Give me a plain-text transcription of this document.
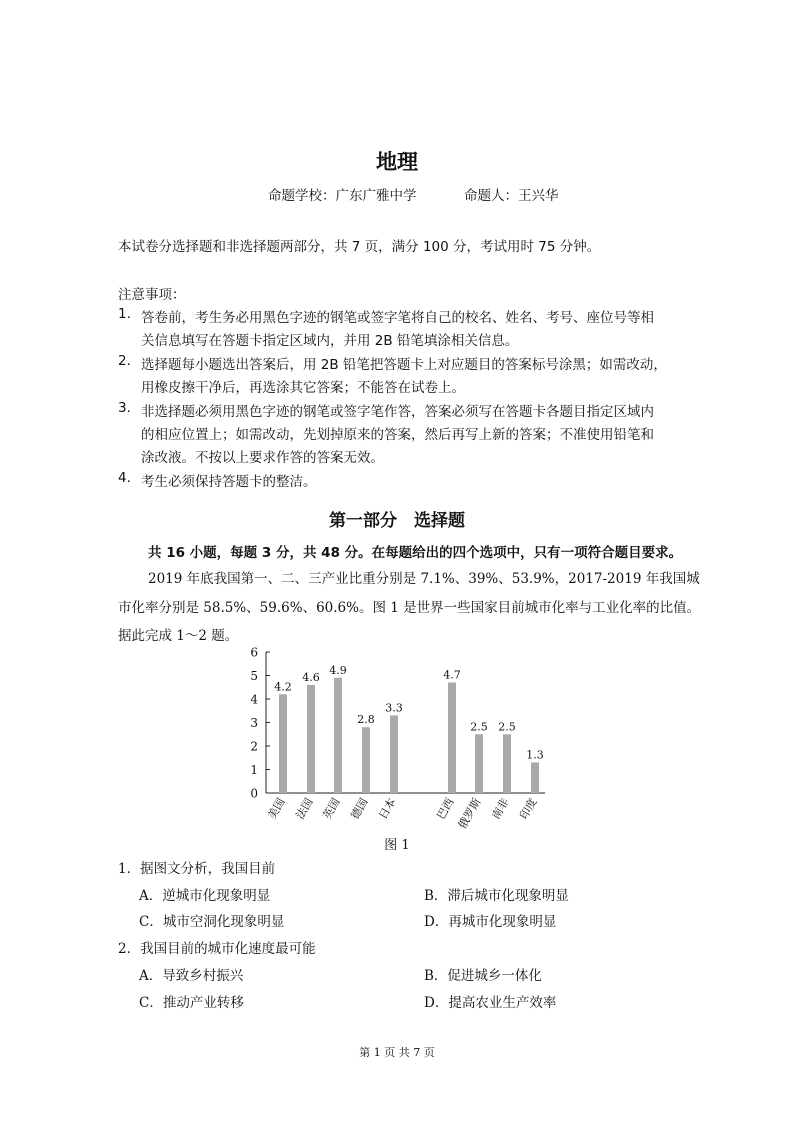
地理
命题学校：广东广雅中学	命题人：王兴华
本试卷分选择题和非选择题两部分，共 7 页，满分 100 分，考试用时 75 分钟。
注意事项：
1. 答卷前，考生务必用黑色字迹的钢笔或签字笔将自己的校名、姓名、考号、座位号等相
关信息填写在答题卡指定区域内，并用 2B 铅笔填涂相关信息。
2. 选择题每小题选出答案后，用 2B 铅笔把答题卡上对应题目的答案标号涂黑；如需改动，
用橡皮擦干净后，再选涂其它答案；不能答在试卷上。
3. 非选择题必须用黑色字迹的钢笔或签字笔作答，答案必须写在答题卡各题目指定区域内
的相应位置上；如需改动，先划掉原来的答案，然后再写上新的答案；不准使用铅笔和
涂改液。不按以上要求作答的答案无效。
4. 考生必须保持答题卡的整洁。
第一部分　选择题
共 16 小题，每题 3 分，共 48 分。在每题给出的四个选项中，只有一项符合题目要求。
2019 年底我国第一、二、三产业比重分别是 7.1%、39%、53.9%，2017-2019 年我国城
市化率分别是 58.5%、59.6%、60.6%。图 1 是世界一些国家目前城市化率与工业化率的比值。
据此完成 1～2 题。
0
1
2
3
4
5
6
4.2
美国
4.6
法国
4.9
英国
2.8
德国
3.3
日本
4.7
巴西
2.5
俄罗斯
2.5
南非
1.3
印度
图 1
1．据图文分析，我国目前
A．逆城市化现象明显	B．滞后城市化现象明显
C．城市空洞化现象明显	D．再城市化现象明显
2．我国目前的城市化速度最可能
A．导致乡村振兴	B．促进城乡一体化
C．推动产业转移	D．提高农业生产效率
第 1 页 共 7 页
